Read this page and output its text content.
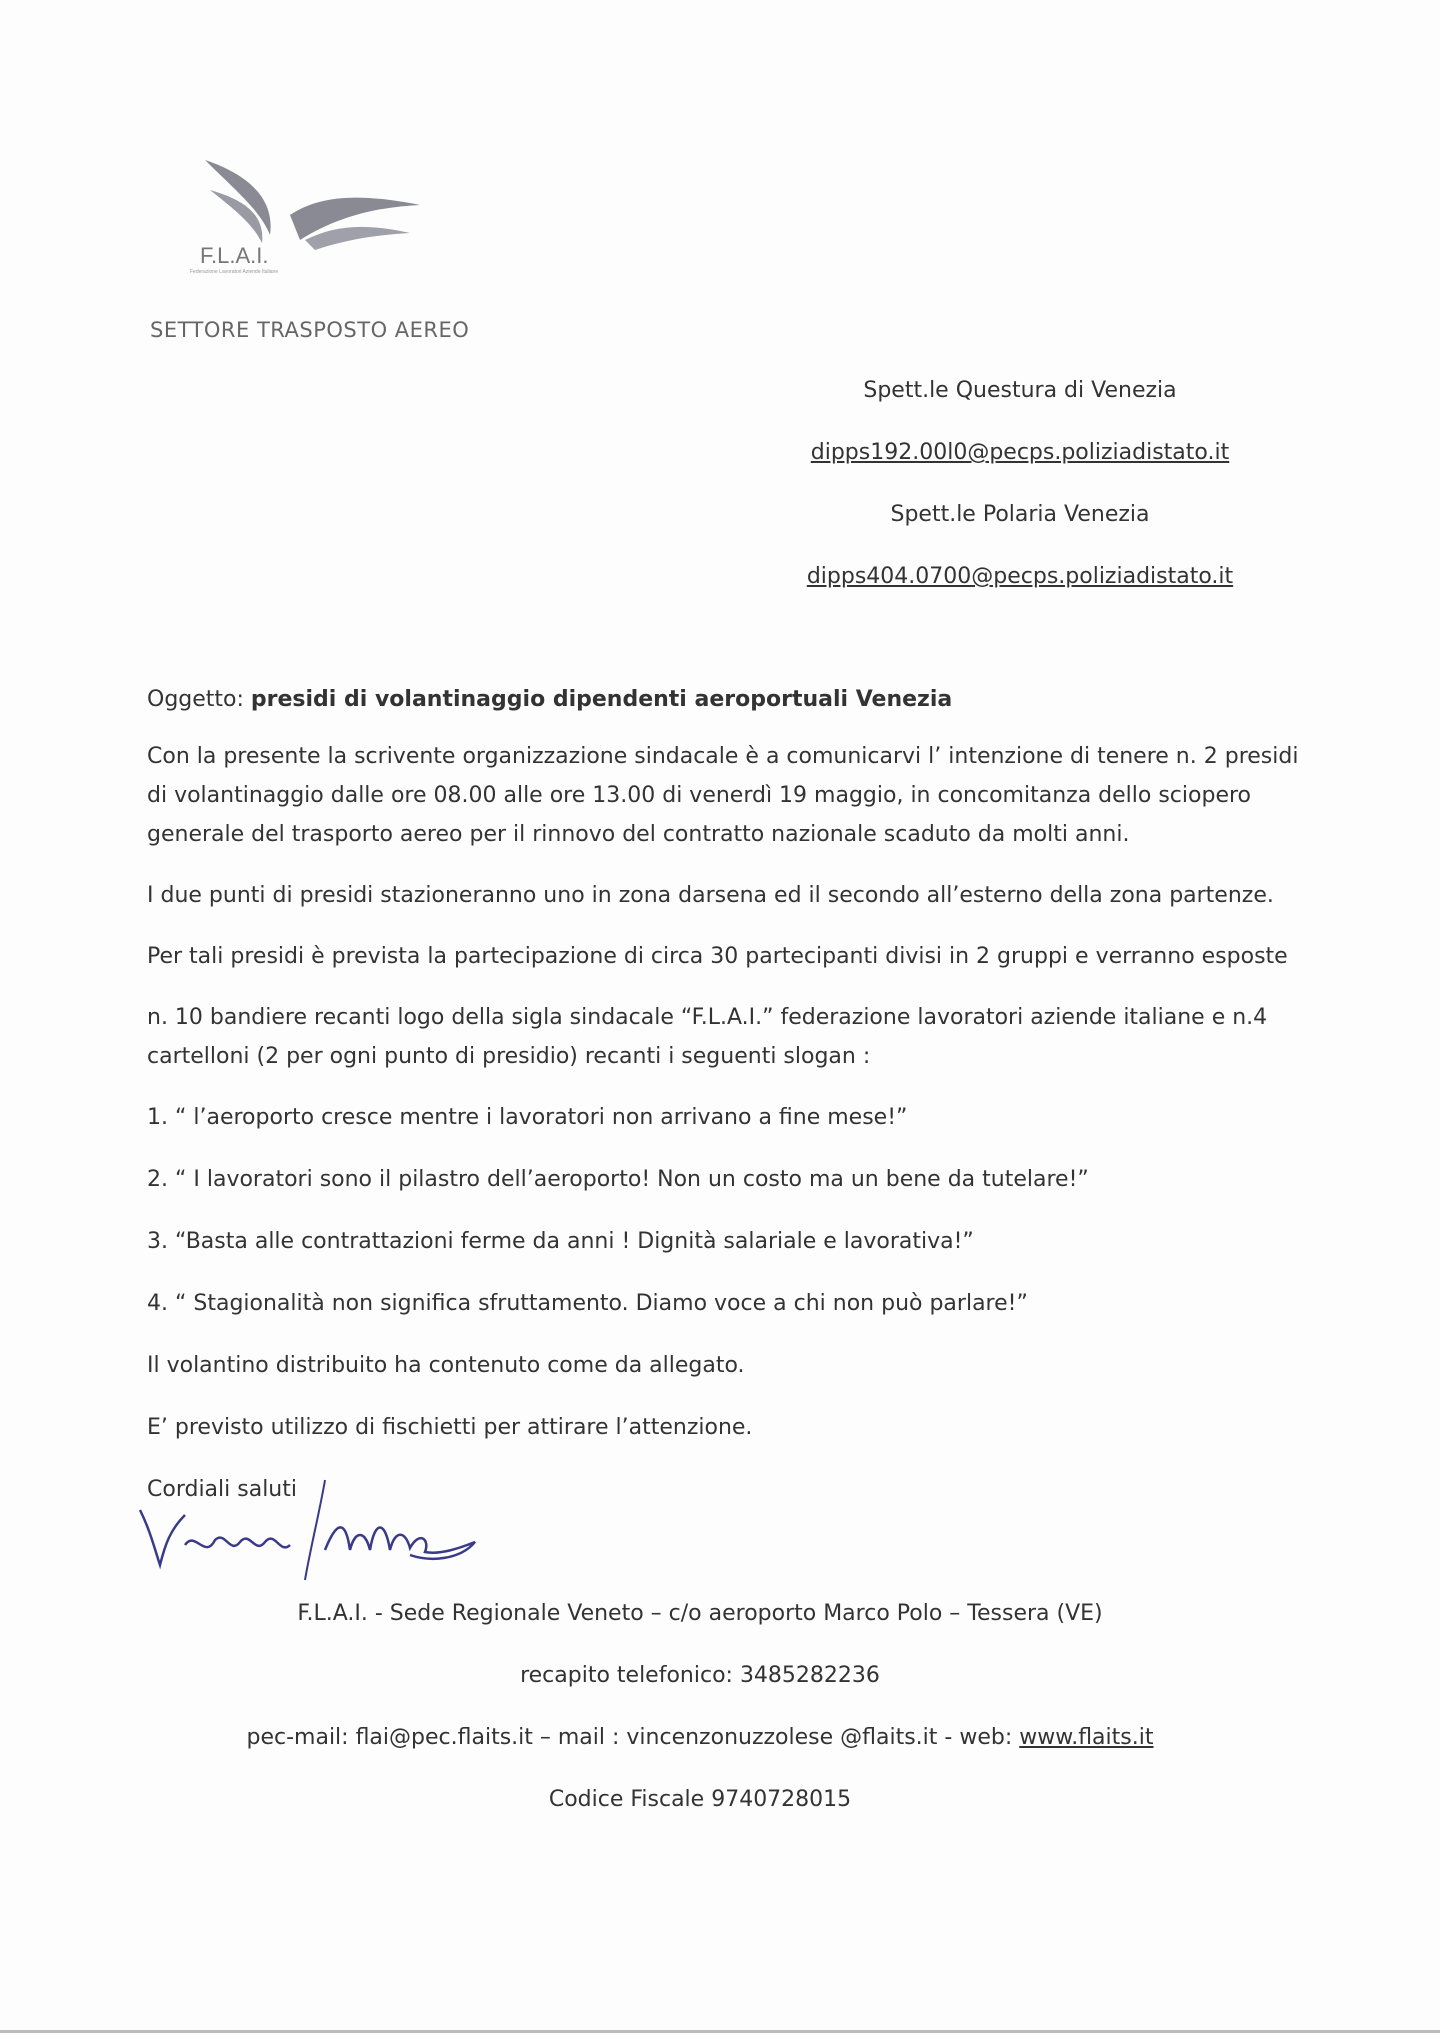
F.L.A.I.
Federazione Lavoratori Aziende Italiane
SETTORE TRASPOSTO AEREO
Spett.le Questura di Venezia
dipps192.00l0@pecps.poliziadistato.it
Spett.le Polaria Venezia
dipps404.0700@pecps.poliziadistato.it

Oggetto: presidi di volantinaggio dipendenti aeroportuali Venezia

Con la presente la scrivente organizzazione sindacale è a comunicarvi l’ intenzione di tenere n. 2 presidi di volantinaggio dalle ore 08.00 alle ore 13.00 di venerdì 19 maggio, in concomitanza dello sciopero generale del trasporto aereo per il rinnovo del contratto nazionale scaduto da molti anni.

I due punti di presidi stazioneranno uno in zona darsena ed il secondo all’esterno della zona partenze.

Per tali presidi è prevista la partecipazione di circa 30 partecipanti divisi in 2 gruppi e verranno esposte

n. 10 bandiere recanti logo della sigla sindacale “F.L.A.I.” federazione lavoratori aziende italiane e n.4 cartelloni (2 per ogni punto di presidio) recanti i seguenti slogan :

1. “ l’aeroporto cresce mentre i lavoratori non arrivano a fine mese!”

2. “ I lavoratori sono il pilastro dell’aeroporto! Non un costo ma un bene da tutelare!”

3. “Basta alle contrattazioni ferme da anni ! Dignità salariale e lavorativa!”

4. “ Stagionalità non significa sfruttamento. Diamo voce a chi non può parlare!”

Il volantino distribuito ha contenuto come da allegato.

E’ previsto utilizzo di fischietti per attirare l’attenzione.

Cordiali saluti

F.L.A.I. - Sede Regionale Veneto – c/o aeroporto Marco Polo – Tessera (VE)
recapito telefonico: 3485282236
pec-mail: flai@pec.flaits.it – mail : vincenzonuzzolese @flaits.it - web: www.flaits.it
Codice Fiscale 9740728015
